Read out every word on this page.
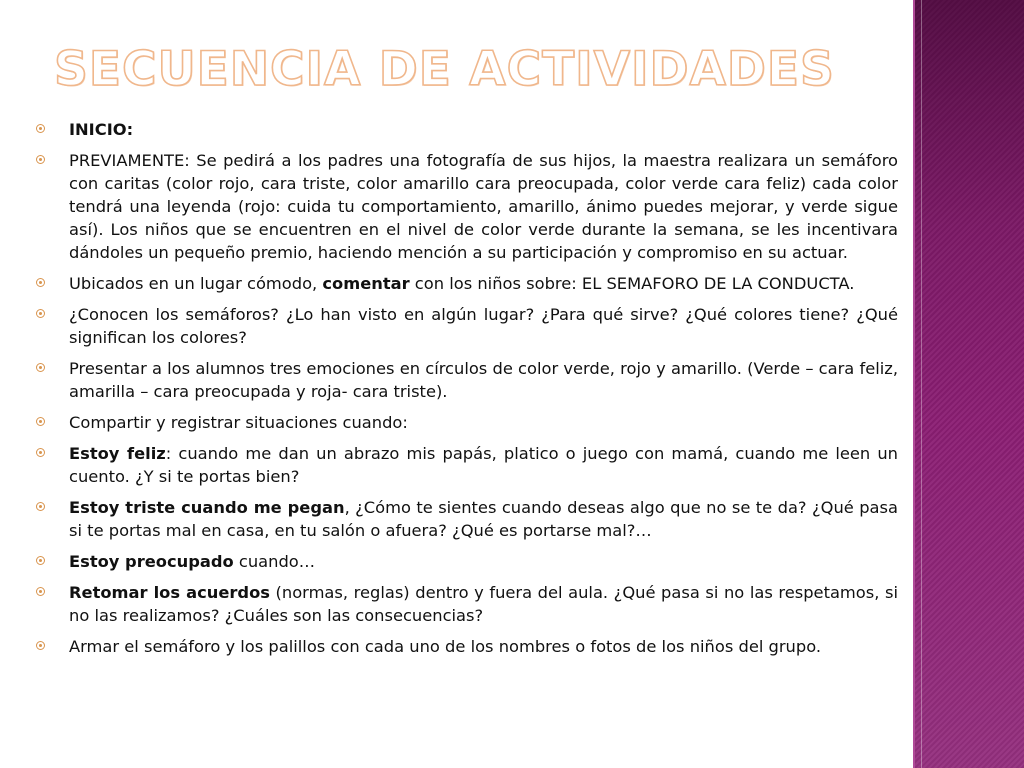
SECUENCIA DE ACTIVIDADES
INICIO:
PREVIAMENTE: Se pedirá a los padres una fotografía de sus hijos, la maestra realizara un semáforo con caritas (color rojo, cara triste, color amarillo cara preocupada, color verde cara feliz) cada color tendrá una leyenda (rojo: cuida tu comportamiento, amarillo, ánimo puedes mejorar, y verde sigue así). Los niños que se encuentren en el nivel de color verde durante la semana, se les incentivara dándoles un pequeño premio, haciendo mención a su participación y compromiso en su actuar.
Ubicados en un lugar cómodo, comentar con los niños sobre: EL SEMAFORO DE LA CONDUCTA.
¿Conocen los semáforos? ¿Lo han visto en algún lugar? ¿Para qué sirve? ¿Qué colores tiene? ¿Qué significan los colores?
Presentar a los alumnos tres emociones en círculos de color verde, rojo y amarillo. (Verde – cara feliz, amarilla – cara preocupada y roja- cara triste).
Compartir y registrar situaciones cuando:
Estoy feliz: cuando me dan un abrazo mis papás, platico o juego con mamá, cuando me leen un cuento. ¿Y si te portas bien?
Estoy triste cuando me pegan, ¿Cómo te sientes cuando deseas algo que no se te da? ¿Qué pasa si te portas mal en casa, en tu salón o afuera? ¿Qué es portarse mal?…
Estoy preocupado cuando…
Retomar los acuerdos (normas, reglas) dentro y fuera del aula. ¿Qué pasa si no las respetamos, si no las realizamos? ¿Cuáles son las consecuencias?
Armar el semáforo y los palillos con cada uno de los nombres o fotos de los niños del grupo.
